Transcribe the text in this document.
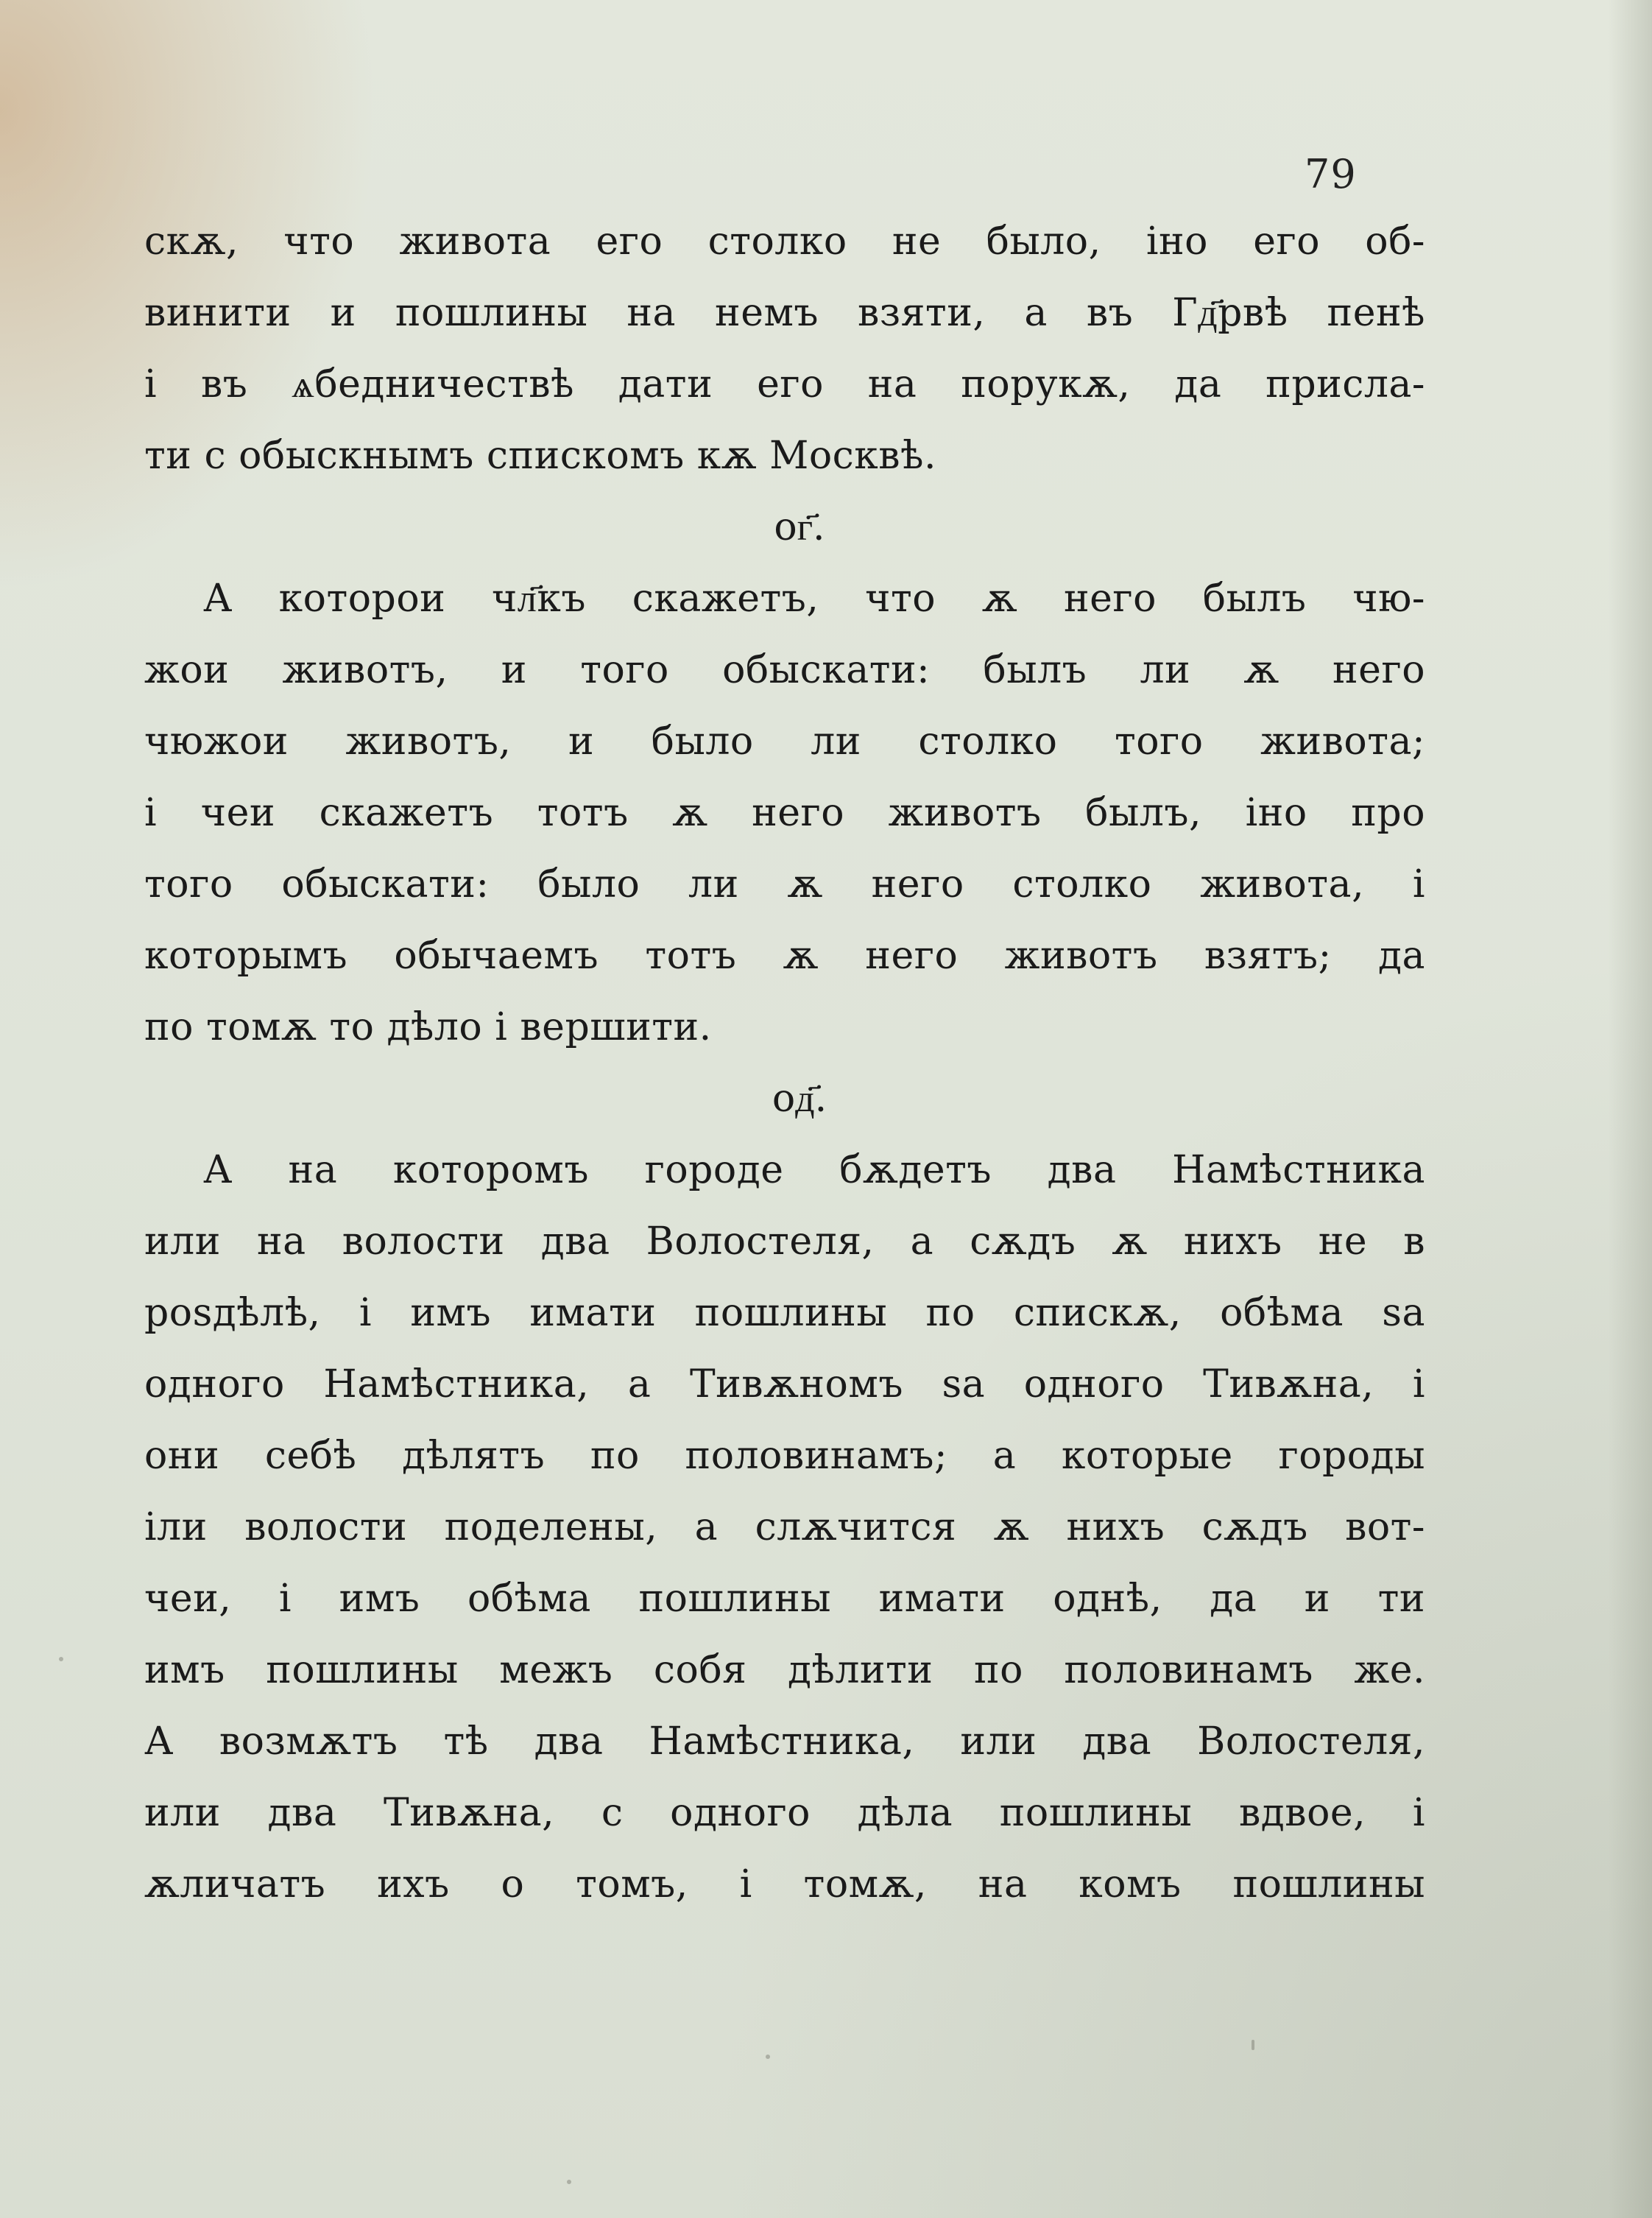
79
скѫ, что живота его столко не было, іно его об-
винити и пошлины на немъ взяти, а въ Гд҃рвѣ пенѣ
і въ ѧбедничествѣ дати его на порукѫ, да присла-
ти с обыскнымъ спискомъ кѫ Москвѣ.
ог҃.
А которои чл҃къ скажетъ, что ѫ него былъ чю-
жои животъ, и того обыскати: былъ ли ѫ него
чюжои животъ, и было ли столко того живота;
і чеи скажетъ тотъ ѫ него животъ былъ, іно про
того обыскати: было ли ѫ него столко живота, і
которымъ обычаемъ тотъ ѫ него животъ взятъ; да
по томѫ то дѣло і вершити.
од҃.
А на которомъ городе бѫдетъ два Намѣстника
или на волости два Волостеля, а сѫдъ ѫ нихъ не в
роѕдѣлѣ, і имъ имати пошлины по спискѫ, обѣма ѕа
одного Намѣстника, а Тивѫномъ ѕа одного Тивѫна, і
они себѣ дѣлятъ по половинамъ; а которые городы
іли волости поделены, а слѫчится ѫ нихъ сѫдъ вот-
чеи, і имъ обѣма пошлины имати однѣ, да и ти
имъ пошлины межъ собя дѣлити по половинамъ же.
А возмѫтъ тѣ два Намѣстника, или два Волостеля,
или два Тивѫна, с одного дѣла пошлины вдвое, і
ѫличатъ ихъ о томъ, і томѫ, на комъ пошлины
